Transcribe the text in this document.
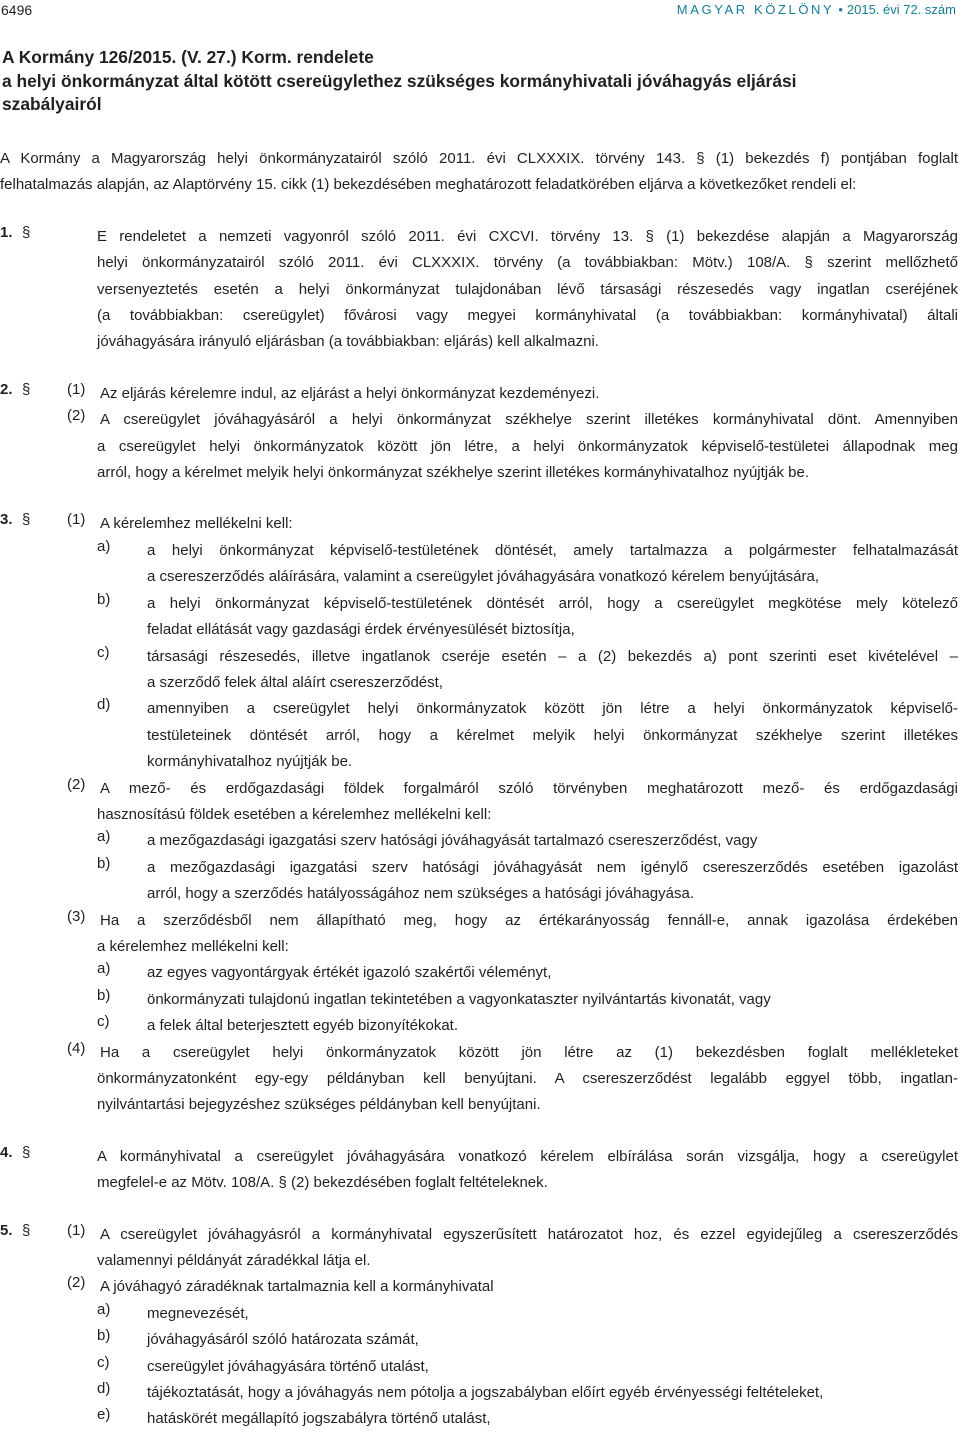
6496	MAGYAR KÖZLÖNY • 2015. évi 72. szám
A Kormány 126/2015. (V. 27.) Korm. rendelete
a helyi önkormányzat által kötött csereügylethez szükséges kormányhivatali jóváhagyás eljárási
szabályairól
A Kormány a Magyarország helyi önkormányzatairól szóló 2011. évi CLXXXIX. törvény 143. § (1) bekezdés f) pontjában foglalt
felhatalmazás alapján, az Alaptörvény 15. cikk (1) bekezdésében meghatározott feladatkörében eljárva a következőket rendeli el:
1. §	E rendeletet a nemzeti vagyonról szóló 2011. évi CXCVI. törvény 13. § (1) bekezdése alapján a Magyarország
helyi önkormányzatairól szóló 2011. évi CLXXXIX. törvény (a továbbiakban: Mötv.) 108/A. § szerint mellőzhető
versenyeztetés esetén a helyi önkormányzat tulajdonában lévő társasági részesedés vagy ingatlan cseréjének
(a továbbiakban: csereügylet) fővárosi vagy megyei kormányhivatal (a továbbiakban: kormányhivatal) általi
jóváhagyására irányuló eljárásban (a továbbiakban: eljárás) kell alkalmazni.
2. §	(1) Az eljárás kérelemre indul, az eljárást a helyi önkormányzat kezdeményezi.
(2) A csereügylet jóváhagyásáról a helyi önkormányzat székhelye szerint illetékes kormányhivatal dönt. Amennyiben
a csereügylet helyi önkormányzatok között jön létre, a helyi önkormányzatok képviselő-testületei állapodnak meg
arról, hogy a kérelmet melyik helyi önkormányzat székhelye szerint illetékes kormányhivatalhoz nyújtják be.
3. §	(1) A kérelemhez mellékelni kell:
a)	a helyi önkormányzat képviselő-testületének döntését, amely tartalmazza a polgármester felhatalmazását
a csereszerződés aláírására, valamint a csereügylet jóváhagyására vonatkozó kérelem benyújtására,
b)	a helyi önkormányzat képviselő-testületének döntését arról, hogy a csereügylet megkötése mely kötelező
feladat ellátását vagy gazdasági érdek érvényesülését biztosítja,
c)	társasági részesedés, illetve ingatlanok cseréje esetén – a (2) bekezdés a) pont szerinti eset kivételével –
a szerződő felek által aláírt csereszerződést,
d)	amennyiben a csereügylet helyi önkormányzatok között jön létre a helyi önkormányzatok képviselő-
testületeinek döntését arról, hogy a kérelmet melyik helyi önkormányzat székhelye szerint illetékes
kormányhivatalhoz nyújtják be.
(2) A mező- és erdőgazdasági földek forgalmáról szóló törvényben meghatározott mező- és erdőgazdasági
hasznosítású földek esetében a kérelemhez mellékelni kell:
a)	a mezőgazdasági igazgatási szerv hatósági jóváhagyását tartalmazó csereszerződést, vagy
b)	a mezőgazdasági igazgatási szerv hatósági jóváhagyását nem igénylő csereszerződés esetében igazolást
arról, hogy a szerződés hatályosságához nem szükséges a hatósági jóváhagyása.
(3) Ha a szerződésből nem állapítható meg, hogy az értékarányosság fennáll-e, annak igazolása érdekében
a kérelemhez mellékelni kell:
a)	az egyes vagyontárgyak értékét igazoló szakértői véleményt,
b)	önkormányzati tulajdonú ingatlan tekintetében a vagyonkataszter nyilvántartás kivonatát, vagy
c)	a felek által beterjesztett egyéb bizonyítékokat.
(4) Ha a csereügylet helyi önkormányzatok között jön létre az (1) bekezdésben foglalt mellékleteket
önkormányzatonként egy-egy példányban kell benyújtani. A csereszerződést legalább eggyel több, ingatlan-
nyilvántartási bejegyzéshez szükséges példányban kell benyújtani.
4. §	A kormányhivatal a csereügylet jóváhagyására vonatkozó kérelem elbírálása során vizsgálja, hogy a csereügylet
megfelel-e az Mötv. 108/A. § (2) bekezdésében foglalt feltételeknek.
5. §	(1) A csereügylet jóváhagyásról a kormányhivatal egyszerűsített határozatot hoz, és ezzel egyidejűleg a csereszerződés
valamennyi példányát záradékkal látja el.
(2) A jóváhagyó záradéknak tartalmaznia kell a kormányhivatal
a)	megnevezését,
b)	jóváhagyásáról szóló határozata számát,
c)	csereügylet jóváhagyására történő utalást,
d)	tájékoztatását, hogy a jóváhagyás nem pótolja a jogszabályban előírt egyéb érvényességi feltételeket,
e)	hatáskörét megállapító jogszabályra történő utalást,
